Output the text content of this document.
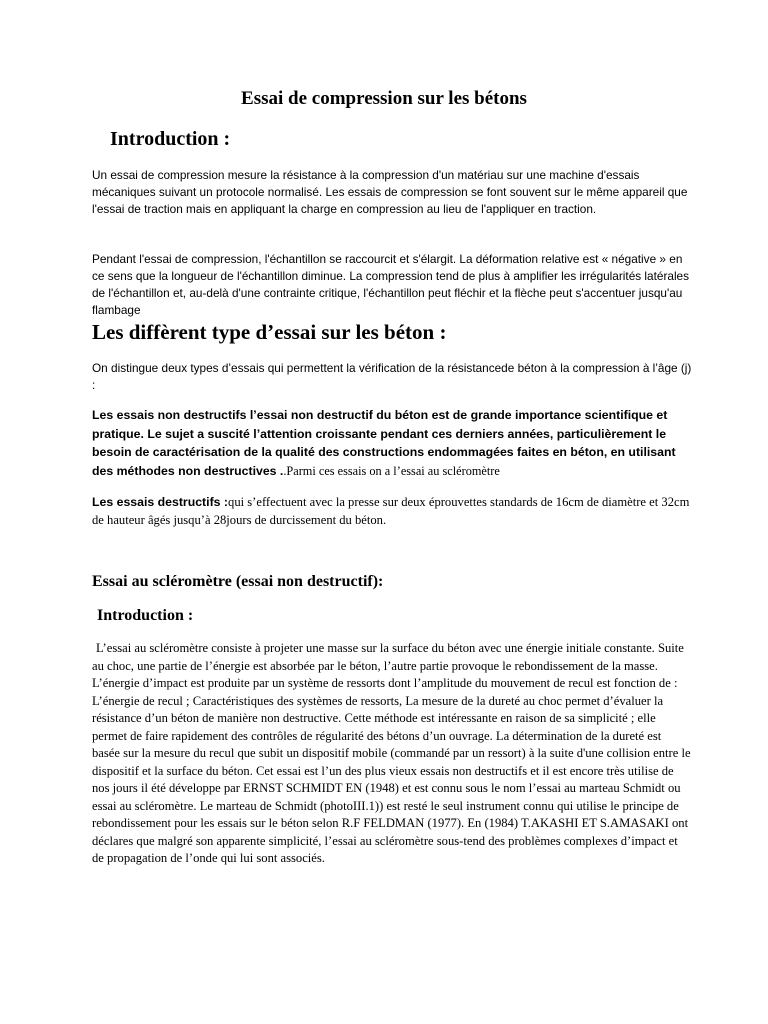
Essai de compression sur les bétons
Introduction :

Un essai de compression mesure la résistance à la compression d'un matériau sur une machine d'essais mécaniques suivant un protocole normalisé. Les essais de compression se font souvent sur le même appareil que l'essai de traction mais en appliquant la charge en compression au lieu de l'appliquer en traction.

Pendant l'essai de compression, l'échantillon se raccourcit et s'élargit. La déformation relative est « négative » en ce sens que la longueur de l'échantillon diminue. La compression tend de plus à amplifier les irrégularités latérales de l'échantillon et, au-delà d'une contrainte critique, l'échantillon peut fléchir et la flèche peut s'accentuer jusqu'au flambage

Les diffèrent type d’essai sur les béton :

On distingue deux types d’essais qui permettent la vérification de la résistancede béton à la compression à l’âge (j) :

Les essais non destructifs l’essai non destructif du béton est de grande importance scientifique et pratique. Le sujet a suscité l’attention croissante pendant ces derniers années, particulièrement le besoin de caractérisation de la qualité des constructions endommagées faites en béton, en utilisant des méthodes non destructives ..Parmi ces essais on a l’essai au scléromètre

Les essais destructifs :qui s’effectuent avec la presse sur deux éprouvettes standards de 16cm de diamètre et 32cm de hauteur âgés jusqu’à 28jours de durcissement du béton.

Essai au scléromètre (essai non destructif):
Introduction :

L’essai au scléromètre consiste à projeter une masse sur la surface du béton avec une énergie initiale constante. Suite au choc, une partie de l’énergie est absorbée par le béton, l’autre partie provoque le rebondissement de la masse. L’énergie d’impact est produite par un système de ressorts dont l’amplitude du mouvement de recul est fonction de : L’énergie de recul ; Caractéristiques des systèmes de ressorts, La mesure de la dureté au choc permet d’évaluer la résistance d’un béton de manière non destructive. Cette méthode est intéressante en raison de sa simplicité ; elle permet de faire rapidement des contrôles de régularité des bétons d’un ouvrage. La détermination de la dureté est basée sur la mesure du recul que subit un dispositif mobile (commandé par un ressort) à la suite d'une collision entre le dispositif et la surface du béton. Cet essai est l’un des plus vieux essais non destructifs et il est encore très utilise de nos jours il été développe par ERNST SCHMIDT EN (1948) et est connu sous le nom l’essai au marteau Schmidt ou essai au scléromètre. Le marteau de Schmidt (photoIII.1)) est resté le seul instrument connu qui utilise le principe de rebondissement pour les essais sur le béton selon R.F FELDMAN (1977). En (1984) T.AKASHI ET S.AMASAKI ont déclares que malgré son apparente simplicité, l’essai au scléromètre sous-tend des problèmes complexes d’impact et de propagation de l’onde qui lui sont associés.
